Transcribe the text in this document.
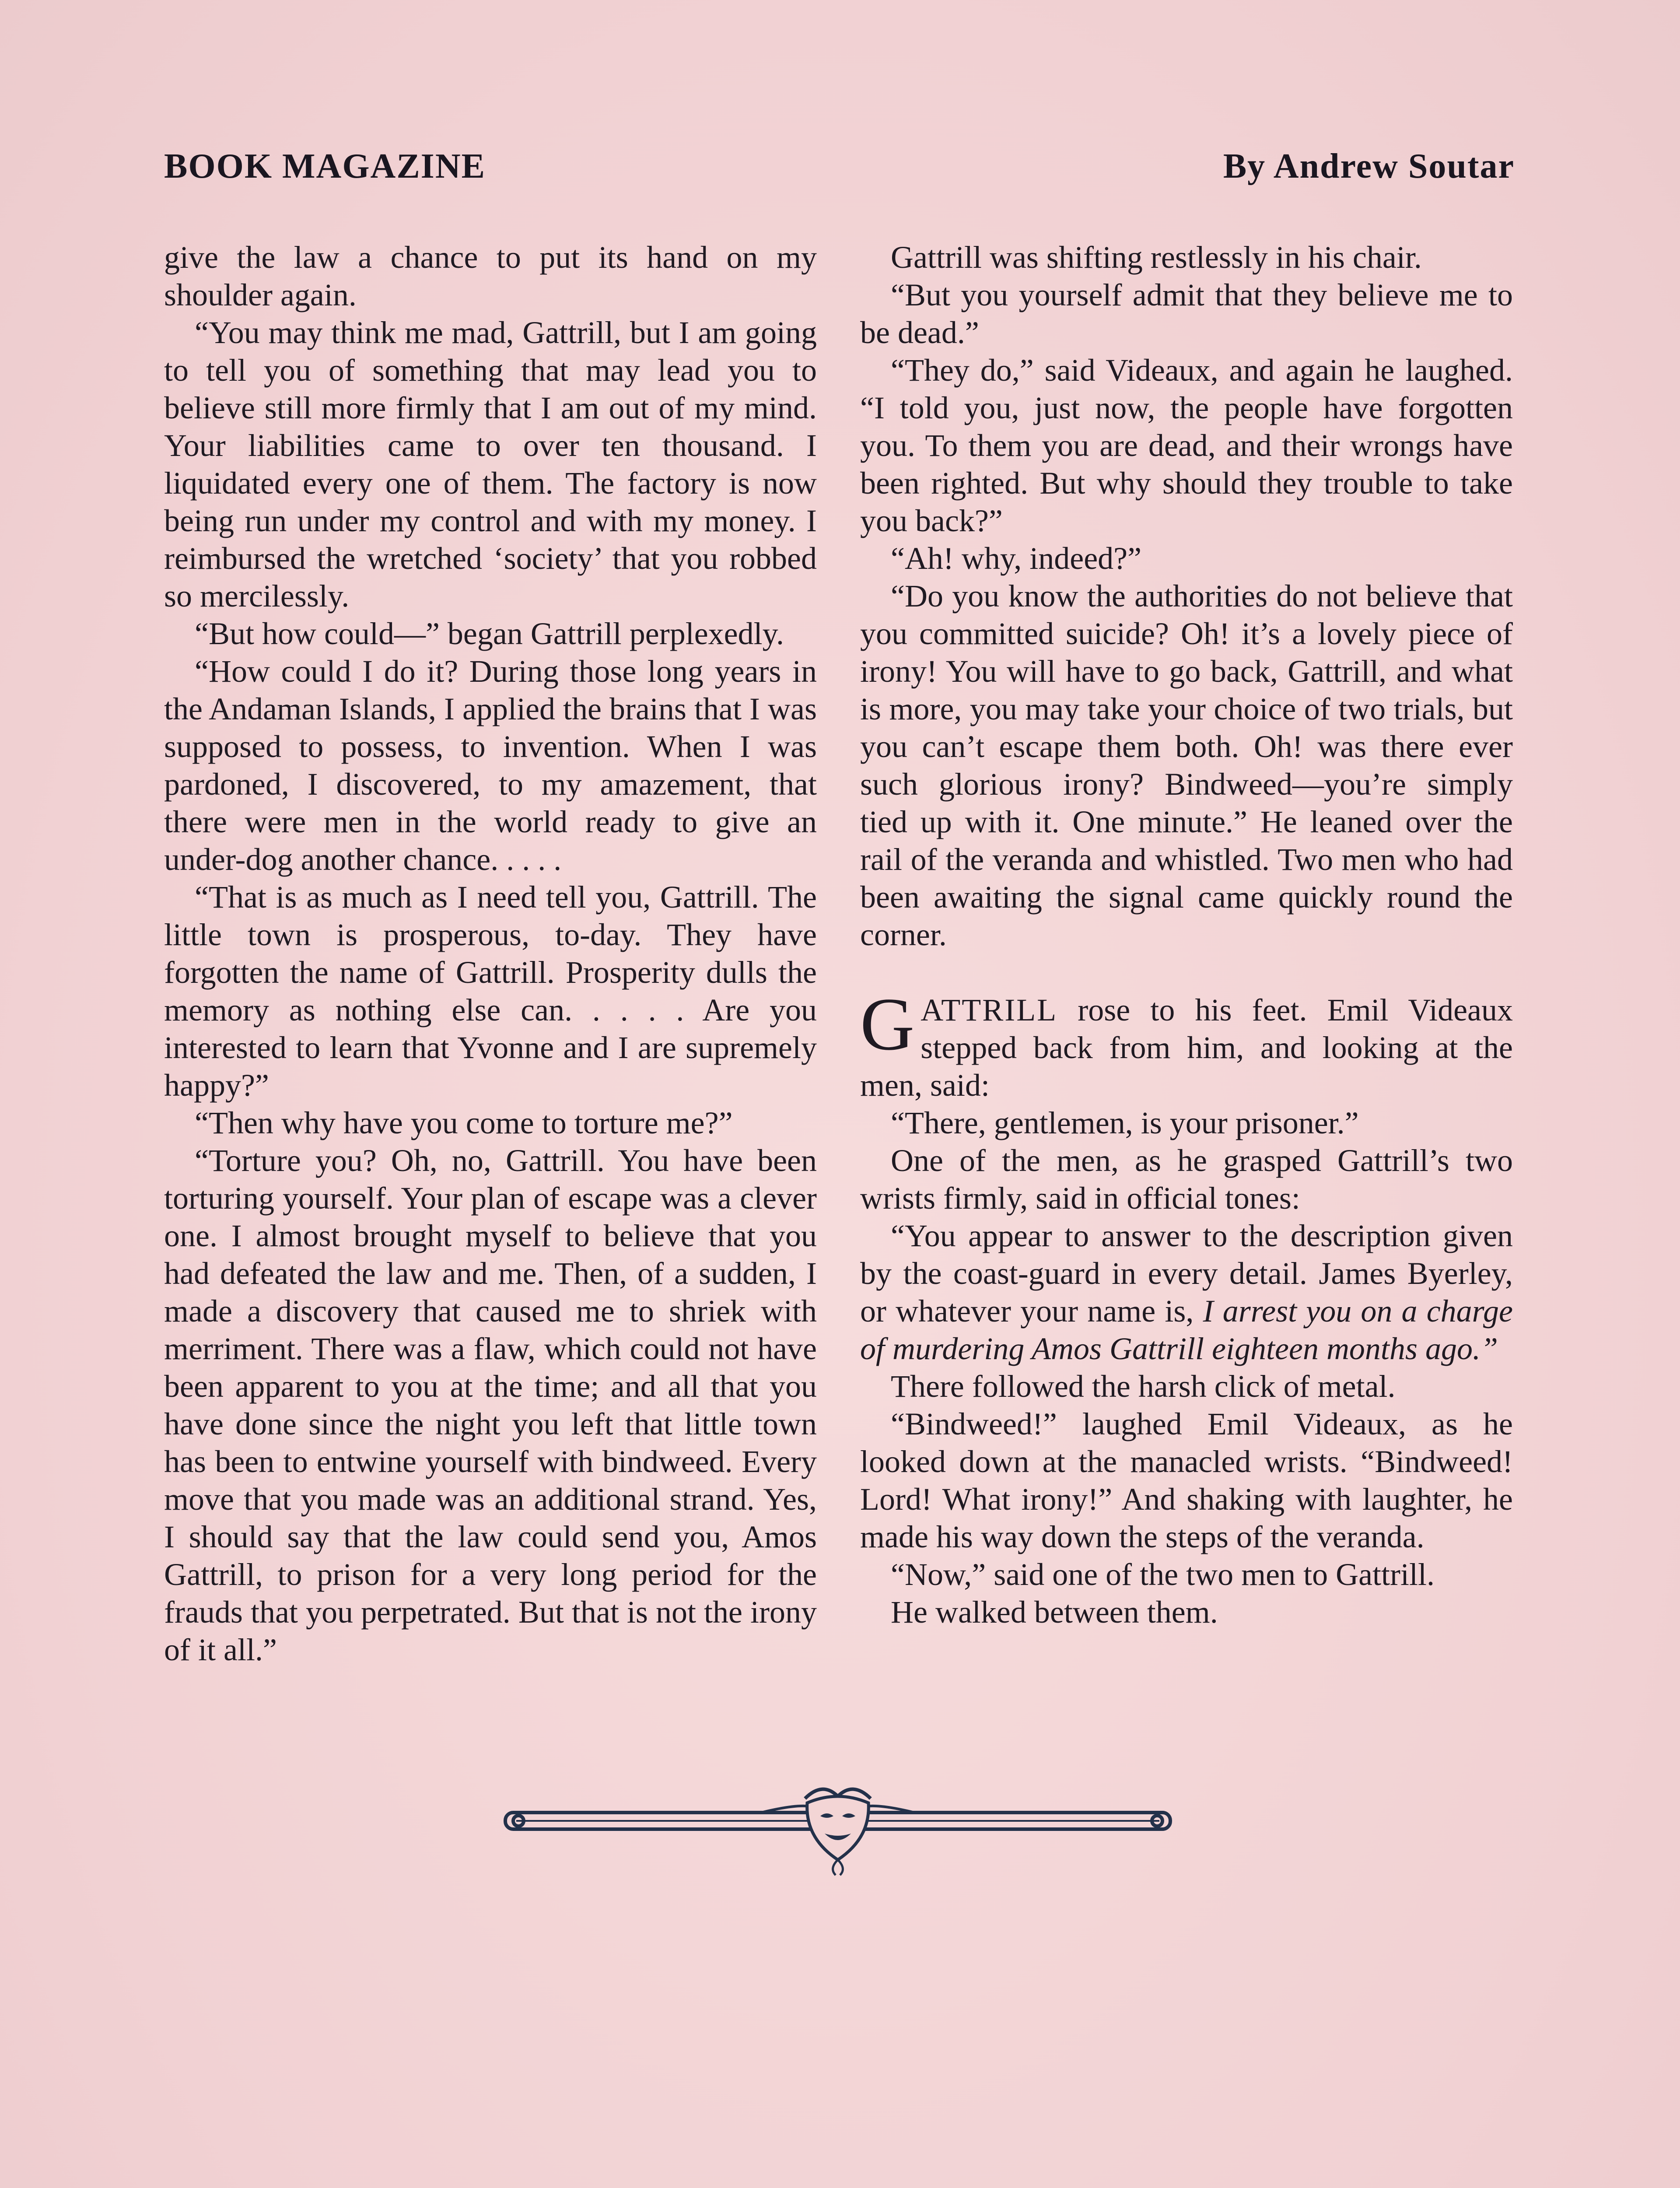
BOOK MAGAZINE	By Andrew Soutar

give the law a chance to put its hand on my shoulder again.

“You may think me mad, Gattrill, but I am going to tell you of something that may lead you to believe still more firmly that I am out of my mind. Your liabilities came to over ten thousand. I liquidated every one of them. The factory is now being run under my control and with my money. I reimbursed the wretched ‘society’ that you robbed so mercilessly.

“But how could—” began Gattrill perplexedly.

“How could I do it? During those long years in the Andaman Islands, I applied the brains that I was supposed to possess, to invention. When I was pardoned, I discovered, to my amazement, that there were men in the world ready to give an under-dog another chance. . . . .

“That is as much as I need tell you, Gattrill. The little town is prosperous, to-day. They have forgotten the name of Gattrill. Prosperity dulls the memory as nothing else can. . . . . Are you interested to learn that Yvonne and I are supremely happy?”

“Then why have you come to torture me?”

“Torture you? Oh, no, Gattrill. You have been torturing yourself. Your plan of escape was a clever one. I almost brought myself to believe that you had defeated the law and me. Then, of a sudden, I made a discovery that caused me to shriek with merriment. There was a flaw, which could not have been apparent to you at the time; and all that you have done since the night you left that little town has been to entwine yourself with bindweed. Every move that you made was an additional strand. Yes, I should say that the law could send you, Amos Gattrill, to prison for a very long period for the frauds that you perpetrated. But that is not the irony of it all.”

Gattrill was shifting restlessly in his chair.

“But you yourself admit that they believe me to be dead.”

“They do,” said Videaux, and again he laughed. “I told you, just now, the people have forgotten you. To them you are dead, and their wrongs have been righted. But why should they trouble to take you back?”

“Ah! why, indeed?”

“Do you know the authorities do not believe that you committed suicide? Oh! it’s a lovely piece of irony! You will have to go back, Gattrill, and what is more, you may take your choice of two trials, but you can’t escape them both. Oh! was there ever such glorious irony? Bindweed—you’re simply tied up with it. One minute.” He leaned over the rail of the veranda and whistled. Two men who had been awaiting the signal came quickly round the corner.

GATTRILL rose to his feet. Emil Videaux stepped back from him, and looking at the men, said:

“There, gentlemen, is your prisoner.”

One of the men, as he grasped Gattrill’s two wrists firmly, said in official tones:

“You appear to answer to the description given by the coast-guard in every detail. James Byerley, or whatever your name is, I arrest you on a charge of murdering Amos Gattrill eighteen months ago.”

There followed the harsh click of metal.

“Bindweed!” laughed Emil Videaux, as he looked down at the manacled wrists. “Bindweed! Lord! What irony!” And shaking with laughter, he made his way down the steps of the veranda.

“Now,” said one of the two men to Gattrill.

He walked between them.
